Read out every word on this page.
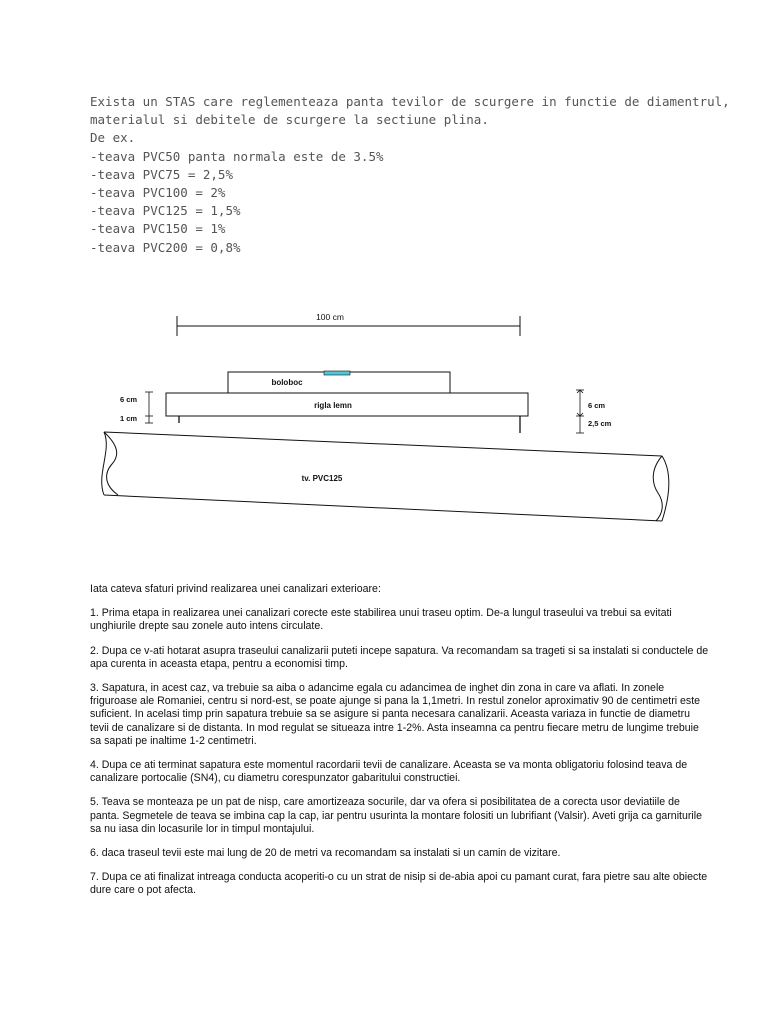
Exista un STAS care reglementeaza panta tevilor de scurgere in functie de diamentrul,
materialul si debitele de scurgere la sectiune plina.
De ex.
-teava PVC50 panta normala este de 3.5%
-teava PVC75 = 2,5%
-teava PVC100 = 2%
-teava PVC125 = 1,5%
-teava PVC150 = 1%
-teava PVC200 = 0,8%
100 cm
boloboc
rigla lemn
6 cm
1 cm
6 cm
2,5 cm
tv. PVC125

Iata cateva sfaturi privind realizarea unei canalizari exterioare:

1. Prima etapa in realizarea unei canalizari corecte este stabilirea unui traseu optim. De-a lungul traseului va trebui sa evitati unghiurile drepte sau zonele auto intens circulate.

2. Dupa ce v-ati hotarat asupra traseului canalizarii puteti incepe sapatura. Va recomandam sa trageti si sa instalati si conductele de apa curenta in aceasta etapa, pentru a economisi timp.

3. Sapatura, in acest caz, va trebuie sa aiba o adancime egala cu adancimea de inghet din zona in care va aflati. In zonele friguroase ale Romaniei, centru si nord-est, se poate ajunge si pana la 1,1metri. In restul zonelor aproximativ 90 de centimetri este suficient. In acelasi timp prin sapatura trebuie sa se asigure si panta necesara canalizarii. Aceasta variaza in functie de diametru tevii de canalizare si de distanta. In mod regulat se situeaza intre 1-2%. Asta inseamna ca pentru fiecare metru de lungime trebuie sa sapati pe inaltime 1-2 centimetri.

4. Dupa ce ati terminat sapatura este momentul racordarii tevii de canalizare. Aceasta se va monta obligatoriu folosind teava de canalizare portocalie (SN4), cu diametru corespunzator gabaritului constructiei.

5. Teava se monteaza pe un pat de nisp, care amortizeaza socurile, dar va ofera si posibilitatea de a corecta usor deviatiile de panta. Segmetele de teava se imbina cap la cap, iar pentru usurinta la montare folositi un lubrifiant (Valsir). Aveti grija ca garniturile sa nu iasa din locasurile lor in timpul montajului.

6. daca traseul tevii este mai lung de 20 de metri va recomandam sa instalati si un camin de vizitare.

7. Dupa ce ati finalizat intreaga conducta acoperiti-o cu un strat de nisip si de-abia apoi cu pamant curat, fara pietre sau alte obiecte dure care o pot afecta.
